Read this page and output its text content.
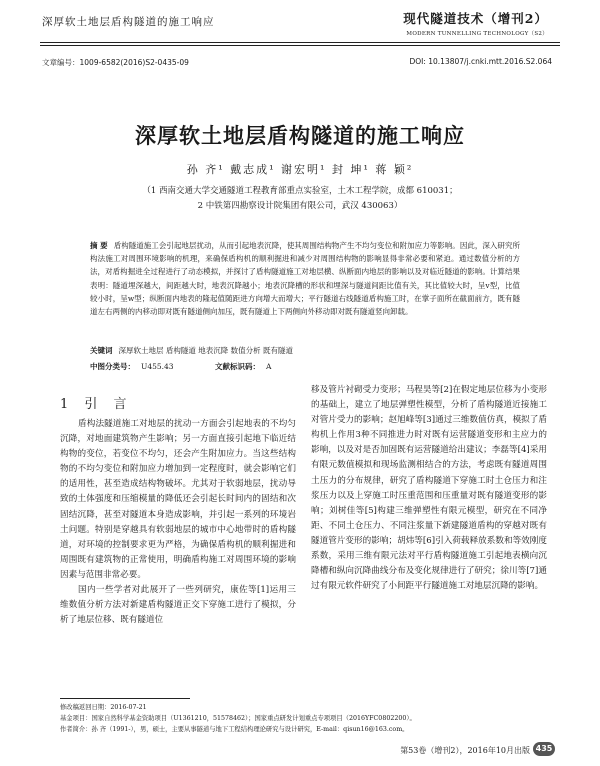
深厚软土地层盾构隧道的施工响应	现代隧道技术（增刊2）
MODERN TUNNELLING TECHNOLOGY（S2）
文章编号：1009-6582(2016)S2-0435-09	DOI: 10.13807/j.cnki.mtt.2016.S2.064
深厚软土地层盾构隧道的施工响应
孙 齐¹ 戴志成¹ 谢宏明¹ 封 坤¹ 蒋 颖²
（1 西南交通大学交通隧道工程教育部重点实验室，土木工程学院，成都 610031；
2 中铁第四勘察设计院集团有限公司，武汉 430063）
摘 要 盾构隧道施工会引起地层扰动，从而引起地表沉降，使其周围结构物产生不均匀变位和附加应力等影响。因此，深入研究所构法施工对周围环境影响的机理，来确保盾构机的顺利掘进和减少对周围结构物的影响显得非常必要和紧迫。通过数值分析的方法，对盾构掘进全过程进行了动态模拟，并探讨了盾构隧道施工对地层横、纵断面内地层的影响以及对临近隧道的影响。计算结果表明：隧道埋深越大，间距越大时，地表沉降越小；地表沉降槽的形状和埋深与隧道间距比值有关，其比值较大时，呈v型，比值较小时，呈w型；纵断面内地表的隆起值随距进方向增大而增大；平行隧道右线隧道盾构施工时，在掌子面所在截面前方，既有隧道左右两侧的内移动即对既有隧道侧向加压，既有隧道上下两侧向外移动即对既有隧道竖向卸载。
关键词 深厚软土地层 盾构隧道 地表沉降 数值分析 既有隧道
中图分类号： U455.43	文献标识码： A
1 引 言

盾构法隧道施工对地层的扰动一方面会引起地表的不均匀沉降，对地面建筑物产生影响；另一方面直接引起地下临近结构物的变位，若变位不均匀，还会产生附加应力。当这些结构物的不均匀变位和附加应力增加到一定程度时，就会影响它们的适用性，甚至造成结构物破坏。尤其对于软弱地层，扰动导致的土体强度和压缩模量的降低还会引起长时间内的固结和次固结沉降，甚至对隧道本身造成影响，并引起一系列的环境岩土问题。特别是穿越具有软弱地层的城市中心地带时的盾构隧道，对环境的控制要求更为严格，为确保盾构机的顺利掘进和周围既有建筑物的正常使用，明确盾构施工对周围环境的影响因素与范围非常必要。

国内一些学者对此展开了一些列研究，康佐等[1]运用三维数值分析方法对新建盾构隧道正交下穿施工进行了模拟，分析了地层位移、既有隧道位

移及管片衬砌受力变形；马程昊等[2]在假定地层位移为小变形的基础上，建立了地层弹塑性模型，分析了盾构隧道近接施工对管片受力的影响；赵旭峰等[3]通过三维数值仿真，模拟了盾构机上作用3种不同推进力时对既有运营隧道变形和主应力的影响，以及对是否加固既有运营隧道给出建议；李磊等[4]采用有限元数值模拟和现场监测相结合的方法，考虑既有隧道周围土压力的分布规律，研究了盾构隧道下穿施工时土仓压力和注浆压力以及上穿施工时压重范围和压重量对既有隧道变形的影响；刘树佳等[5]构建三维弹塑性有限元模型，研究在不同净距、不同土仓压力、不同注浆量下新建隧道盾构的穿越对既有隧道管片变形的影响；胡炜等[6]引入荷载释放系数和等效刚度系数，采用三维有限元法对平行盾构隧道施工引起地表横向沉降槽和纵向沉降曲线分布及变化规律进行了研究；徐川等[7]通过有限元软件研究了小间距平行隧道施工对地层沉降的影响。

修改稿返回日期：2016-07-21
基金项目：国家自然科学基金资助项目（U1361210，51578462）；国家重点研发计划重点专项项目（2016YFC0802200）。
作者简介：孙 齐（1991-），男，硕士，主要从事隧道与地下工程结构理论研究与设计研究，E-mail：qisun16@163.com。
第53卷（增刊2），2016年10月出版 435
